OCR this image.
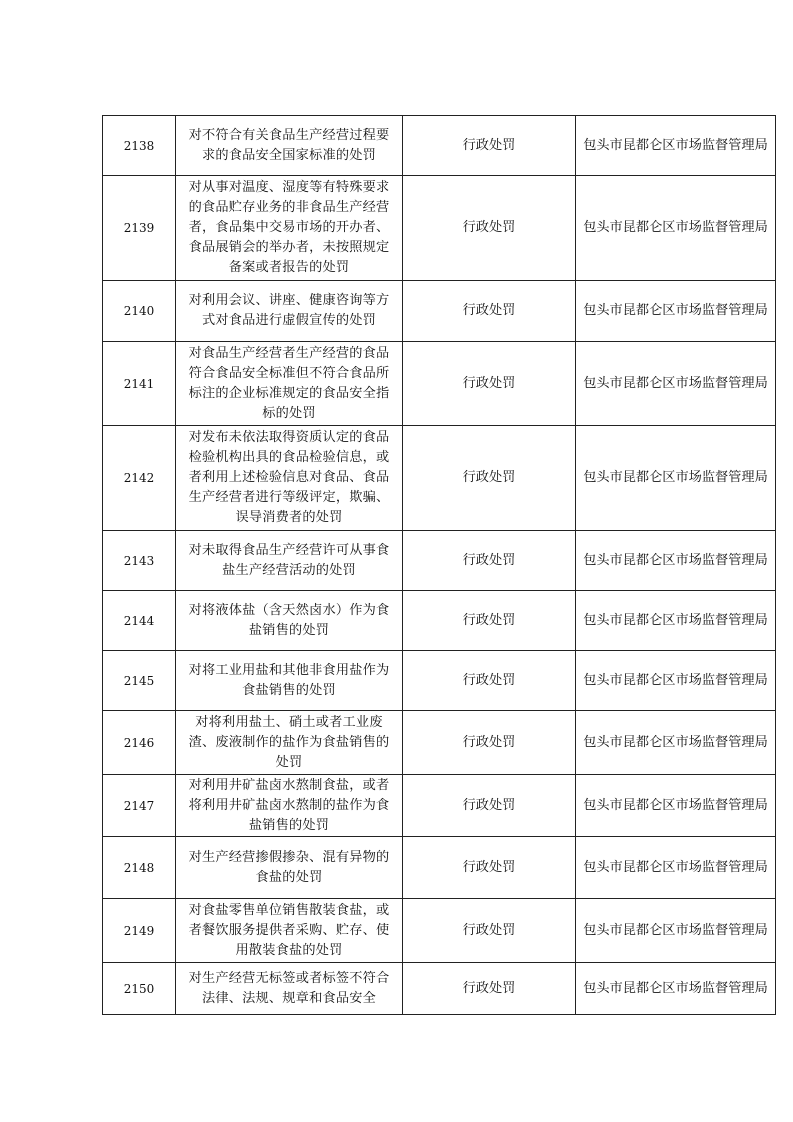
2138	对不符合有关食品生产经营过程要求的食品安全国家标准的处罚	行政处罚	包头市昆都仑区市场监督管理局
2139	对从事对温度、湿度等有特殊要求的食品贮存业务的非食品生产经营者，食品集中交易市场的开办者、食品展销会的举办者，未按照规定备案或者报告的处罚	行政处罚	包头市昆都仑区市场监督管理局
2140	对利用会议、讲座、健康咨询等方式对食品进行虚假宣传的处罚	行政处罚	包头市昆都仑区市场监督管理局
2141	对食品生产经营者生产经营的食品符合食品安全标准但不符合食品所标注的企业标准规定的食品安全指标的处罚	行政处罚	包头市昆都仑区市场监督管理局
2142	对发布未依法取得资质认定的食品检验机构出具的食品检验信息，或者利用上述检验信息对食品、食品生产经营者进行等级评定，欺骗、误导消费者的处罚	行政处罚	包头市昆都仑区市场监督管理局
2143	对未取得食品生产经营许可从事食盐生产经营活动的处罚	行政处罚	包头市昆都仑区市场监督管理局
2144	对将液体盐（含天然卤水）作为食盐销售的处罚	行政处罚	包头市昆都仑区市场监督管理局
2145	对将工业用盐和其他非食用盐作为食盐销售的处罚	行政处罚	包头市昆都仑区市场监督管理局
2146	对将利用盐土、硝土或者工业废渣、废液制作的盐作为食盐销售的处罚	行政处罚	包头市昆都仑区市场监督管理局
2147	对利用井矿盐卤水熬制食盐，或者将利用井矿盐卤水熬制的盐作为食盐销售的处罚	行政处罚	包头市昆都仑区市场监督管理局
2148	对生产经营掺假掺杂、混有异物的食盐的处罚	行政处罚	包头市昆都仑区市场监督管理局
2149	对食盐零售单位销售散装食盐，或者餐饮服务提供者采购、贮存、使用散装食盐的处罚	行政处罚	包头市昆都仑区市场监督管理局
2150	对生产经营无标签或者标签不符合法律、法规、规章和食品安全	行政处罚	包头市昆都仑区市场监督管理局
